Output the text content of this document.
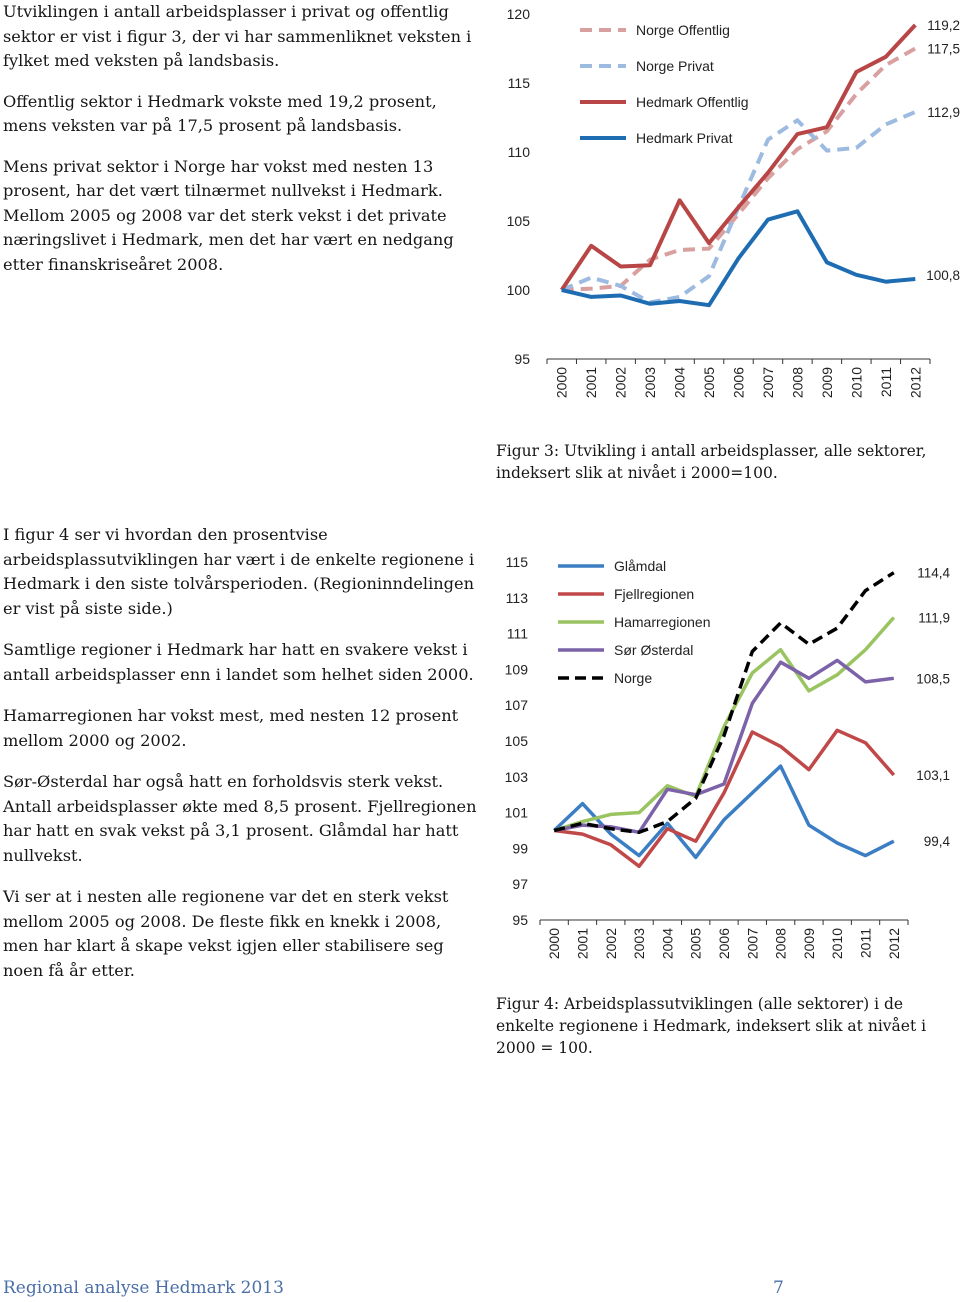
Utviklingen i antall arbeidsplasser i privat og offentlig sektor er vist i figur 3, der vi har sammenliknet veksten i fylket med veksten på landsbasis.

Offentlig sektor i Hedmark vokste med 19,2 prosent, mens veksten var på 17,5 prosent på landsbasis.

Mens privat sektor i Norge har vokst med nesten 13 prosent, har det vært tilnærmet nullvekst i Hedmark. Mellom 2005 og 2008 var det sterk vekst i det private næringslivet i Hedmark, men det har vært en nedgang etter finanskriseåret 2008.

95
100
105
110
115
120
2000 2001 2002 2003 2004 2005 2006 2007 2008 2009 2010 2011 2012
117,5
112,9
119,2
100,8
Norge Offentlig
Norge Privat
Hedmark Offentlig
Hedmark Privat
Figur 3: Utvikling i antall arbeidsplasser, alle sektorer, indeksert slik at nivået i 2000=100.

I figur 4 ser vi hvordan den prosentvise arbeidsplassutviklingen har vært i de enkelte regionene i Hedmark i den siste tolvårsperioden. (Regioninndelingen er vist på siste side.)

Samtlige regioner i Hedmark har hatt en svakere vekst i antall arbeidsplasser enn i landet som helhet siden 2000.

Hamarregionen har vokst mest, med nesten 12 prosent mellom 2000 og 2002.

Sør-Østerdal har også hatt en forholdsvis sterk vekst. Antall arbeidsplasser økte med 8,5 prosent. Fjellregionen har hatt en svak vekst på 3,1 prosent. Glåmdal har hatt nullvekst.

Vi ser at i nesten alle regionene var det en sterk vekst mellom 2005 og 2008. De fleste fikk en knekk i 2008, men har klart å skape vekst igjen eller stabilisere seg noen få år etter.

95
97
99
101
103
105
107
109
111
113
115
2000 2001 2002 2003 2004 2005 2006 2007 2008 2009 2010 2011 2012
99,4
103,1
111,9
108,5
114,4
Glåmdal
Fjellregionen
Hamarregionen
Sør Østerdal
Norge
Figur 4: Arbeidsplassutviklingen (alle sektorer) i de enkelte regionene i Hedmark, indeksert slik at nivået i 2000 = 100.
Regional analyse Hedmark 2013	7
